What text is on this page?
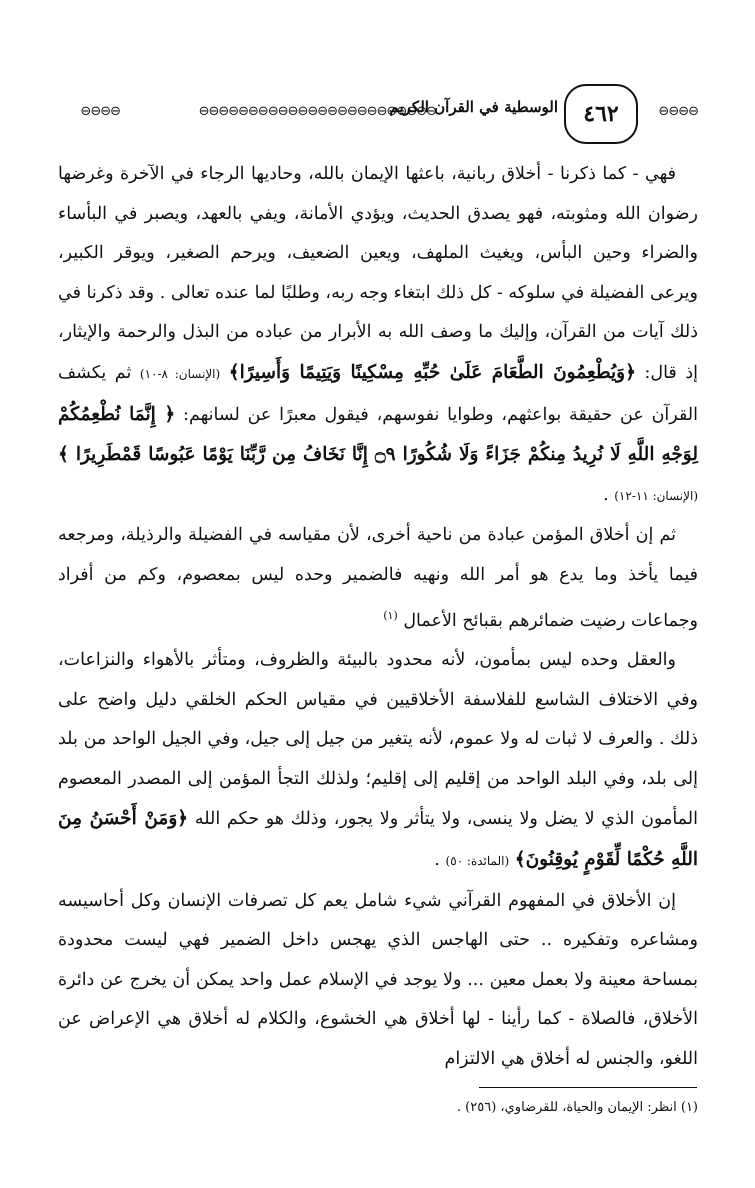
⊖⊖⊖⊖
٤٦٢
الوسطية في القرآن الكريم
⊖⊖⊖⊖⊖⊖⊖⊖⊖⊖⊖⊖⊖⊖⊖⊖⊖⊖⊖⊖⊖⊖⊖⊖
⊖⊖⊖⊖

فهي - كما ذكرنا - أخلاق ربانية، باعثها الإيمان بالله، وحاديها الرجاء في الآخرة وغرضها رضوان الله ومثوبته، فهو يصدق الحديث، ويؤدي الأمانة، ويفي بالعهد، ويصبر في البأساء والضراء وحين البأس، ويغيث الملهف، ويعين الضعيف، ويرحم الصغير، ويوقر الكبير، ويرعى الفضيلة في سلوكه - كل ذلك ابتغاء وجه ربه، وطلبًا لما عنده تعالى . وقد ذكرنا في ذلك آيات من القرآن، وإليك ما وصف الله به الأبرار من عباده من البذل والرحمة والإيثار، إذ قال: ﴿وَيُطْعِمُونَ الطَّعَامَ عَلَىٰ حُبِّهِ مِسْكِينًا وَيَتِيمًا وَأَسِيرًا﴾ (الإنسان: ٨-١٠) ثم يكشف القرآن عن حقيقة بواعثهم، وطوايا نفوسهم، فيقول معبرًا عن لسانهم: ﴿ إِنَّمَا نُطْعِمُكُمْ لِوَجْهِ اللَّهِ لَا نُرِيدُ مِنكُمْ جَزَاءً وَلَا شُكُورًا ۝٩ إِنَّا نَخَافُ مِن رَّبِّنَا يَوْمًا عَبُوسًا قَمْطَرِيرًا ﴾ (الإنسان: ١١-١٢) .

ثم إن أخلاق المؤمن عبادة من ناحية أخرى، لأن مقياسه في الفضيلة والرذيلة، ومرجعه فيما يأخذ وما يدع هو أمر الله ونهيه فالضمير وحده ليس بمعصوم، وكم من أفراد وجماعات رضيت ضمائرهم بقبائح الأعمال $^{(١)}$

والعقل وحده ليس بمأمون، لأنه محدود بالبيئة والظروف، ومتأثر بالأهواء والنزاعات، وفي الاختلاف الشاسع للفلاسفة الأخلاقيين في مقياس الحكم الخلقي دليل واضح على ذلك . والعرف لا ثبات له ولا عموم، لأنه يتغير من جيل إلى جيل، وفي الجيل الواحد من بلد إلى بلد، وفي البلد الواحد من إقليم إلى إقليم؛ ولذلك التجأ المؤمن إلى المصدر المعصوم المأمون الذي لا يضل ولا ينسى، ولا يتأثر ولا يجور، وذلك هو حكم الله ﴿وَمَنْ أَحْسَنُ مِنَ اللَّهِ حُكْمًا لِّقَوْمٍ يُوقِنُونَ﴾ (المائدة: ٥٠) .

إن الأخلاق في المفهوم القرآني شيء شامل يعم كل تصرفات الإنسان وكل أحاسيسه ومشاعره وتفكيره .. حتى الهاجس الذي يهجس داخل الضمير فهي ليست محدودة بمساحة معينة ولا بعمل معين ... ولا يوجد في الإسلام عمل واحد يمكن أن يخرج عن دائرة الأخلاق، فالصلاة - كما رأينا - لها أخلاق هي الخشوع، والكلام له أخلاق هي الإعراض عن اللغو، والجنس له أخلاق هي الالتزام

(١) انظر: الإيمان والحياة، للقرضاوي، (٢٥٦) .
